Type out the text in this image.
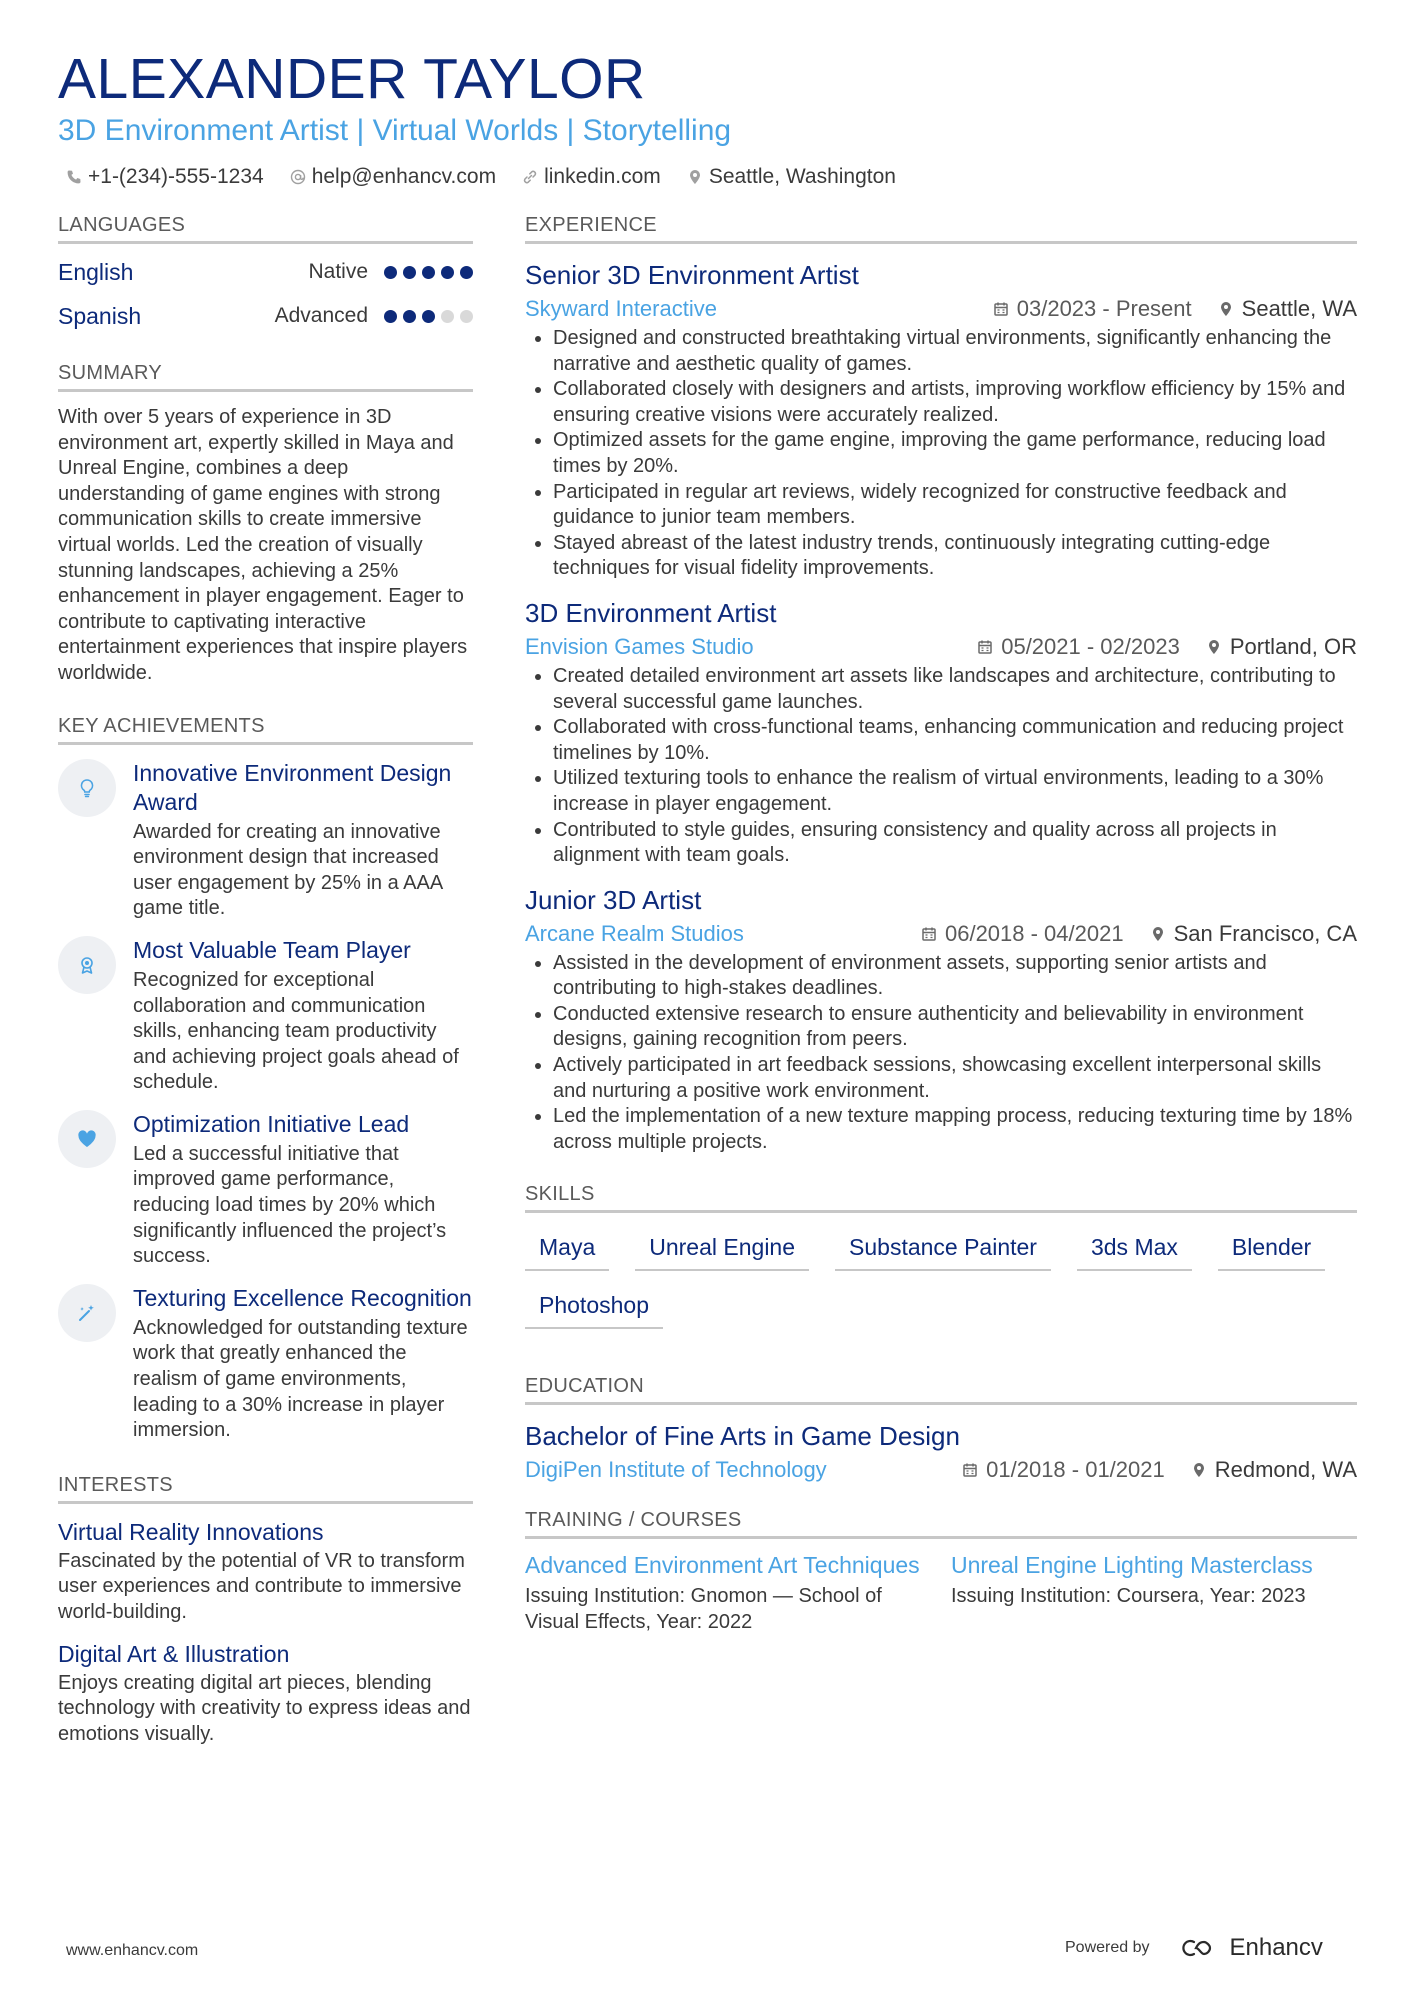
ALEXANDER TAYLOR
3D Environment Artist | Virtual Worlds | Storytelling
+1-(234)-555-1234 help@enhancv.com linkedin.com Seattle, Washington
LANGUAGES
English	Native
Spanish	Advanced
SUMMARY
With over 5 years of experience in 3D environment art, expertly skilled in Maya and Unreal Engine, combines a deep understanding of game engines with strong communication skills to create immersive virtual worlds. Led the creation of visually stunning landscapes, achieving a 25% enhancement in player engagement. Eager to contribute to captivating interactive entertainment experiences that inspire players worldwide.
KEY ACHIEVEMENTS
Innovative Environment Design Award
Awarded for creating an innovative environment design that increased user engagement by 25% in a AAA game title.
Most Valuable Team Player
Recognized for exceptional collaboration and communication skills, enhancing team productivity and achieving project goals ahead of schedule.
Optimization Initiative Lead
Led a successful initiative that improved game performance, reducing load times by 20% which significantly influenced the project’s success.
Texturing Excellence Recognition
Acknowledged for outstanding texture work that greatly enhanced the realism of game environments, leading to a 30% increase in player immersion.
INTERESTS
Virtual Reality Innovations
Fascinated by the potential of VR to transform user experiences and contribute to immersive world-building.
Digital Art & Illustration
Enjoys creating digital art pieces, blending technology with creativity to express ideas and emotions visually.
EXPERIENCE
Senior 3D Environment Artist
Skyward Interactive	03/2023 - Present Seattle, WA
• Designed and constructed breathtaking virtual environments, significantly enhancing the narrative and aesthetic quality of games.
• Collaborated closely with designers and artists, improving workflow efficiency by 15% and ensuring creative visions were accurately realized.
• Optimized assets for the game engine, improving the game performance, reducing load times by 20%.
• Participated in regular art reviews, widely recognized for constructive feedback and guidance to junior team members.
• Stayed abreast of the latest industry trends, continuously integrating cutting-edge techniques for visual fidelity improvements.
3D Environment Artist
Envision Games Studio	05/2021 - 02/2023 Portland, OR
• Created detailed environment art assets like landscapes and architecture, contributing to several successful game launches.
• Collaborated with cross-functional teams, enhancing communication and reducing project timelines by 10%.
• Utilized texturing tools to enhance the realism of virtual environments, leading to a 30% increase in player engagement.
• Contributed to style guides, ensuring consistency and quality across all projects in alignment with team goals.
Junior 3D Artist
Arcane Realm Studios	06/2018 - 04/2021 San Francisco, CA
• Assisted in the development of environment assets, supporting senior artists and contributing to high-stakes deadlines.
• Conducted extensive research to ensure authenticity and believability in environment designs, gaining recognition from peers.
• Actively participated in art feedback sessions, showcasing excellent interpersonal skills and nurturing a positive work environment.
• Led the implementation of a new texture mapping process, reducing texturing time by 18% across multiple projects.
SKILLS
Maya	Unreal Engine	Substance Painter	3ds Max	Blender
Photoshop
EDUCATION
Bachelor of Fine Arts in Game Design
DigiPen Institute of Technology	01/2018 - 01/2021 Redmond, WA
TRAINING / COURSES
Advanced Environment Art Techniques
Issuing Institution: Gnomon — School of Visual Effects, Year: 2022
Unreal Engine Lighting Masterclass
Issuing Institution: Coursera, Year: 2023
www.enhancv.com	Powered by	Enhancv
